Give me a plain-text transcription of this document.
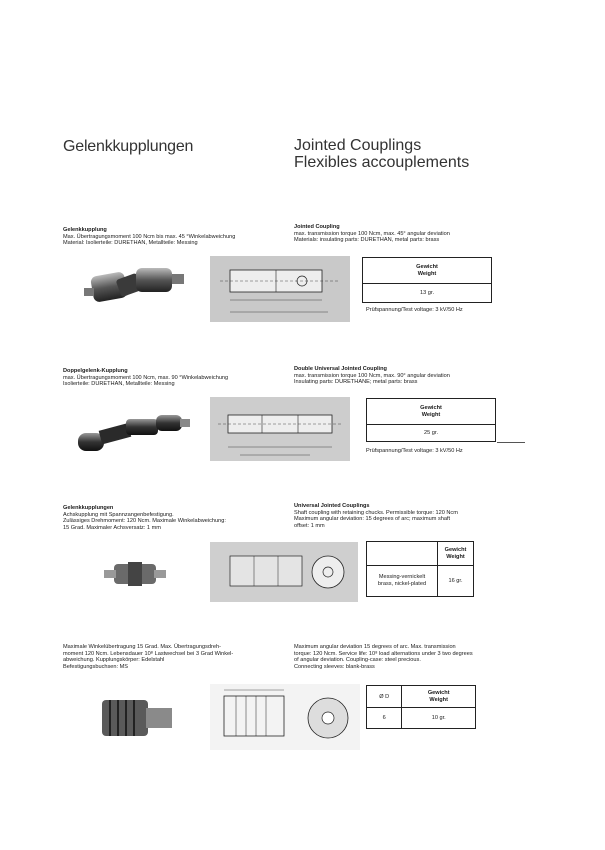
Gelenkkupplungen	Jointed Couplings
Flexibles accouplements
Gelenkkupplung
Max. Übertragungsmoment 100 Ncm bis max. 45 °Winkelabweichung
Material: Isolierteile: DURETHAN, Metallteile: Messing
Jointed Coupling
max. transmission torque 100 Ncm, max. 45° angular deviation
Materials: insulating parts: DURETHAN, metal parts: brass
Gewicht
Weight

13 gr.
Prüfspannung/Test voltage: 3 kV/50 Hz
Doppelgelenk-Kupplung
max. Übertragungsmoment 100 Ncm, max. 90 °Winkelabweichung
Isolierteile: DURETHAN, Metallteile: Messing
Double Universal Jointed Coupling
max. transmission torque 100 Ncm, max. 90° angular deviation
Insulating parts: DURETHANE; metal parts: brass
Gewicht
Weight

25 gr.
Prüfspannung/Test voltage: 3 kV/50 Hz
Gelenkkupplungen
Achskupplung mit Spannzangenbefestigung.
Zulässiges Drehmoment: 120 Ncm. Maximale Winkelabweichung:
15 Grad. Maximaler Achsversatz: 1 mm
Universal Jointed Couplings
Shaft coupling with retaining chucks. Permissible torque: 120 Ncm
Maximum angular deviation: 15 degrees of arc; maximum shaft
offset: 1 mm

	Gewicht
Weight

Messing-vernickelt
brass, nickel-plated	16 gr.
Maximale Winkelübertragung 15 Grad. Max. Übertragungsdreh-
moment 120 Ncm. Lebensdauer 10⁸ Lastwechsel bei 3 Grad Winkel-
abweichung. Kupplungskörper: Edelstahl
Befestigungsbuchsen: MS
Maximum angular deviation 15 degrees of arc. Max. transmission
torque: 120 Ncm. Service life: 10⁸ load alternations under 3 two degrees
of angular deviation. Coupling-case: steel precious.
Connecting sleeves: blank-brass
Ø D	Gewicht
Weight

6	10 gr.
